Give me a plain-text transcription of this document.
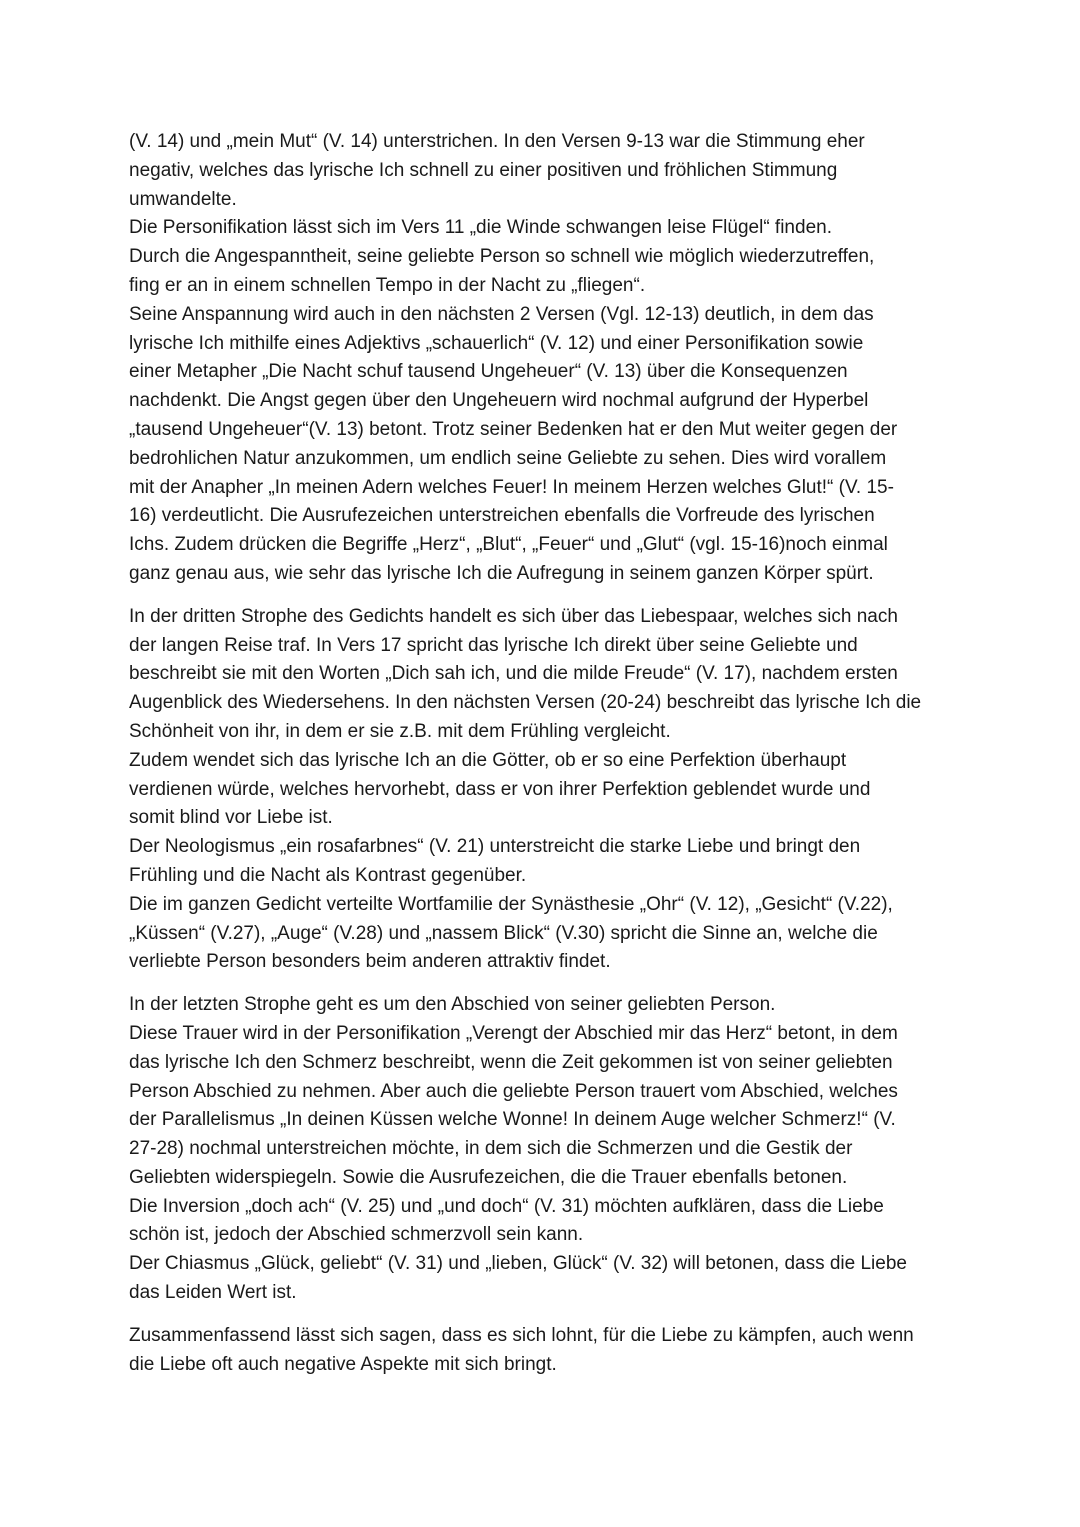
(V. 14) und „mein Mut“ (V. 14) unterstrichen. In den Versen 9-13 war die Stimmung eher
negativ, welches das lyrische Ich schnell zu einer positiven und fröhlichen Stimmung
umwandelte.
Die Personifikation lässt sich im Vers 11 „die Winde schwangen leise Flügel“ finden.
Durch die Angespanntheit, seine geliebte Person so schnell wie möglich wiederzutreffen,
fing er an in einem schnellen Tempo in der Nacht zu „fliegen“.
Seine Anspannung wird auch in den nächsten 2 Versen (Vgl. 12-13) deutlich, in dem das
lyrische Ich mithilfe eines Adjektivs „schauerlich“ (V. 12) und einer Personifikation sowie
einer Metapher „Die Nacht schuf tausend Ungeheuer“ (V. 13) über die Konsequenzen
nachdenkt. Die Angst gegen über den Ungeheuern wird nochmal aufgrund der Hyperbel
„tausend Ungeheuer“(V. 13) betont. Trotz seiner Bedenken hat er den Mut weiter gegen der
bedrohlichen Natur anzukommen, um endlich seine Geliebte zu sehen. Dies wird vorallem
mit der Anapher „In meinen Adern welches Feuer! In meinem Herzen welches Glut!“ (V. 15-
16) verdeutlicht. Die Ausrufezeichen unterstreichen ebenfalls die Vorfreude des lyrischen
Ichs. Zudem drücken die Begriffe „Herz“, „Blut“, „Feuer“ und „Glut“ (vgl. 15-16)noch einmal
ganz genau aus, wie sehr das lyrische Ich die Aufregung in seinem ganzen Körper spürt.

In der dritten Strophe des Gedichts handelt es sich über das Liebespaar, welches sich nach
der langen Reise traf. In Vers 17 spricht das lyrische Ich direkt über seine Geliebte und
beschreibt sie mit den Worten „Dich sah ich, und die milde Freude“ (V. 17), nachdem ersten
Augenblick des Wiedersehens. In den nächsten Versen (20-24) beschreibt das lyrische Ich die
Schönheit von ihr, in dem er sie z.B. mit dem Frühling vergleicht.
Zudem wendet sich das lyrische Ich an die Götter, ob er so eine Perfektion überhaupt
verdienen würde, welches hervorhebt, dass er von ihrer Perfektion geblendet wurde und
somit blind vor Liebe ist.
Der Neologismus „ein rosafarbnes“ (V. 21) unterstreicht die starke Liebe und bringt den
Frühling und die Nacht als Kontrast gegenüber.
Die im ganzen Gedicht verteilte Wortfamilie der Synästhesie „Ohr“ (V. 12), „Gesicht“ (V.22),
„Küssen“ (V.27), „Auge“ (V.28) und „nassem Blick“ (V.30) spricht die Sinne an, welche die
verliebte Person besonders beim anderen attraktiv findet.

In der letzten Strophe geht es um den Abschied von seiner geliebten Person.
Diese Trauer wird in der Personifikation „Verengt der Abschied mir das Herz“ betont, in dem
das lyrische Ich den Schmerz beschreibt, wenn die Zeit gekommen ist von seiner geliebten
Person Abschied zu nehmen. Aber auch die geliebte Person trauert vom Abschied, welches
der Parallelismus „In deinen Küssen welche Wonne! In deinem Auge welcher Schmerz!“ (V.
27-28) nochmal unterstreichen möchte, in dem sich die Schmerzen und die Gestik der
Geliebten widerspiegeln. Sowie die Ausrufezeichen, die die Trauer ebenfalls betonen.
Die Inversion „doch ach“ (V. 25) und „und doch“ (V. 31) möchten aufklären, dass die Liebe
schön ist, jedoch der Abschied schmerzvoll sein kann.
Der Chiasmus „Glück, geliebt“ (V. 31) und „lieben, Glück“ (V. 32) will betonen, dass die Liebe
das Leiden Wert ist.

Zusammenfassend lässt sich sagen, dass es sich lohnt, für die Liebe zu kämpfen, auch wenn
die Liebe oft auch negative Aspekte mit sich bringt.
